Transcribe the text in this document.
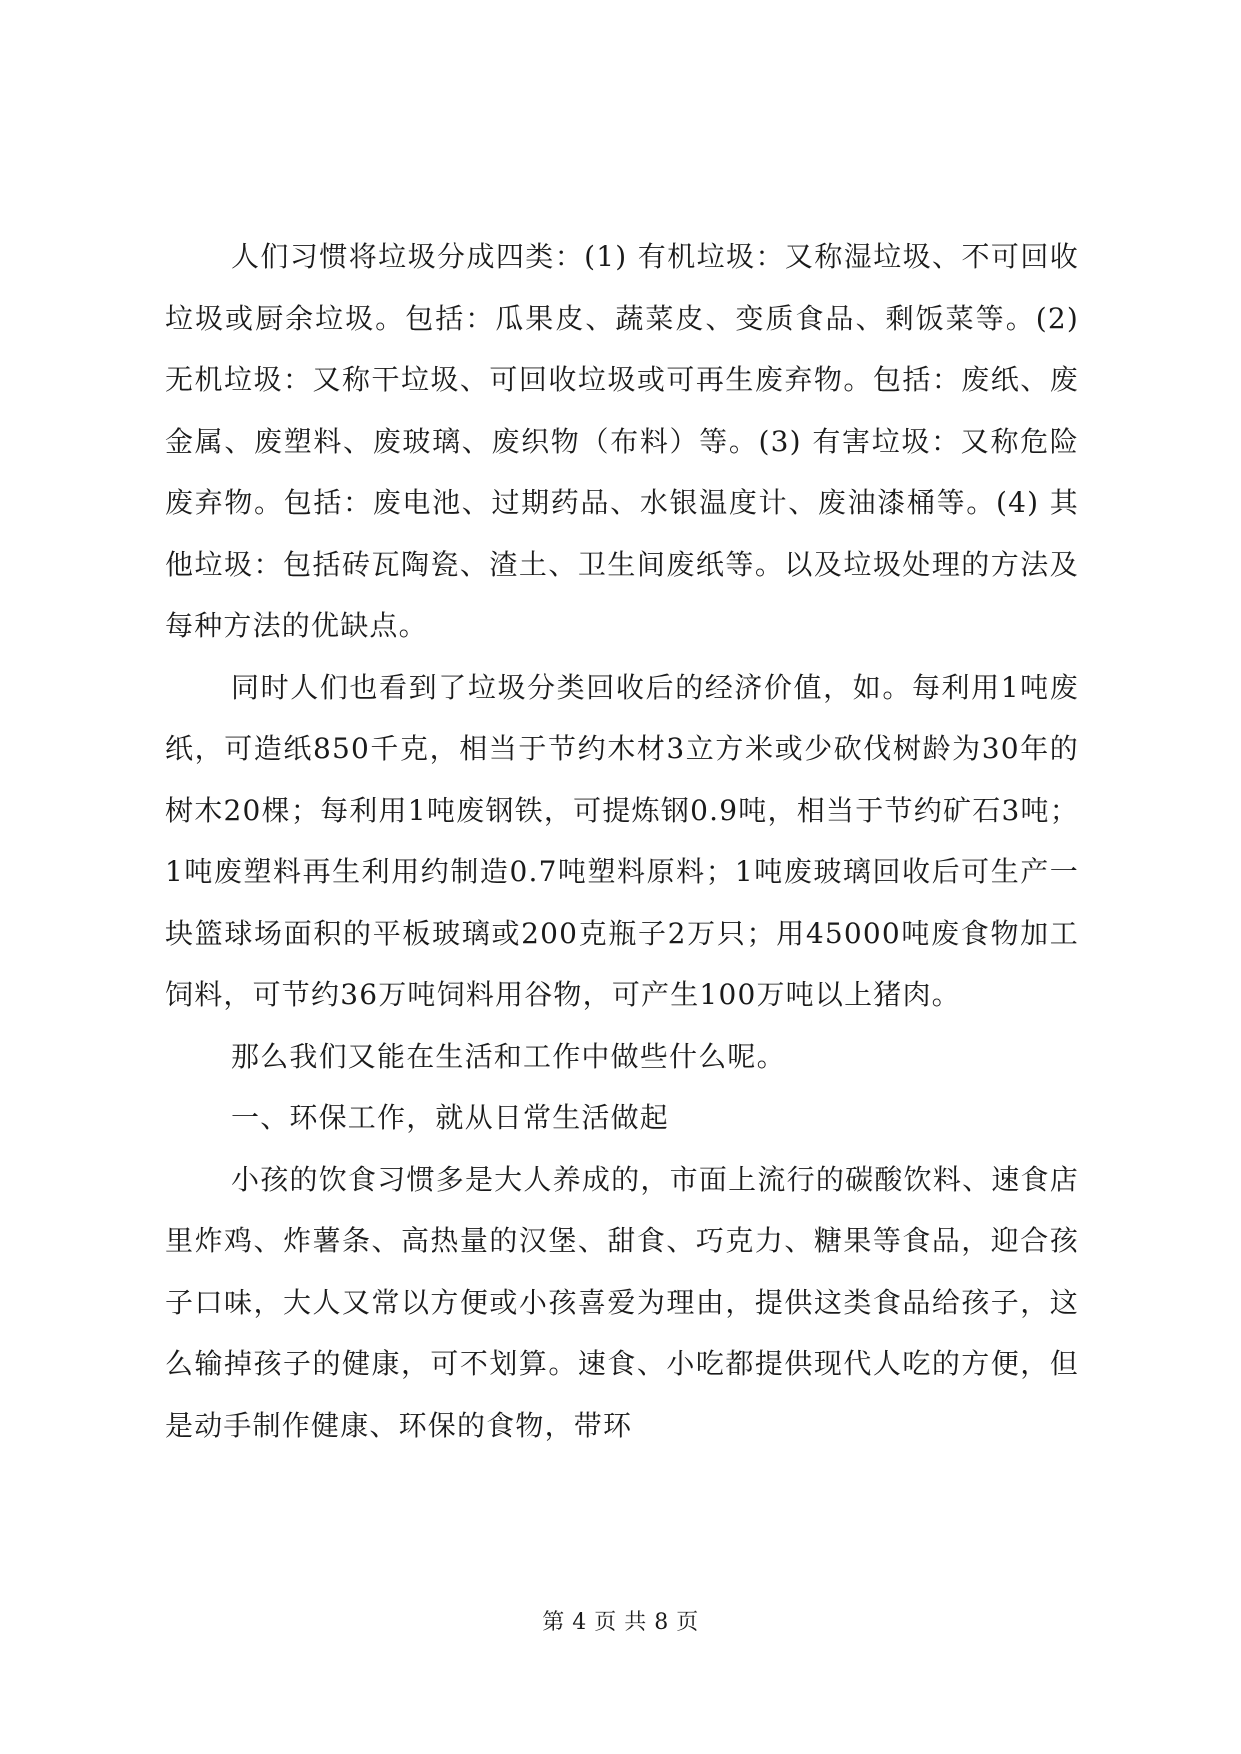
人们习惯将垃圾分成四类：(1) 有机垃圾：又称湿垃圾、不可回收垃圾或厨余垃圾。包括：瓜果皮、蔬菜皮、变质食品、剩饭菜等。(2) 无机垃圾：又称干垃圾、可回收垃圾或可再生废弃物。包括：废纸、废金属、废塑料、废玻璃、废织物（布料）等。(3) 有害垃圾：又称危险废弃物。包括：废电池、过期药品、水银温度计、废油漆桶等。(4) 其他垃圾：包括砖瓦陶瓷、渣土、卫生间废纸等。以及垃圾处理的方法及每种方法的优缺点。

同时人们也看到了垃圾分类回收后的经济价值，如。每利用1吨废纸，可造纸850千克，相当于节约木材3立方米或少砍伐树龄为30年的树木20棵；每利用1吨废钢铁，可提炼钢0.9吨，相当于节约矿石3吨；1吨废塑料再生利用约制造0.7吨塑料原料；1吨废玻璃回收后可生产一块篮球场面积的平板玻璃或200克瓶子2万只；用45000吨废食物加工饲料，可节约36万吨饲料用谷物，可产生100万吨以上猪肉。

那么我们又能在生活和工作中做些什么呢。

一、环保工作，就从日常生活做起

小孩的饮食习惯多是大人养成的，市面上流行的碳酸饮料、速食店里炸鸡、炸薯条、高热量的汉堡、甜食、巧克力、糖果等食品，迎合孩子口味，大人又常以方便或小孩喜爱为理由，提供这类食品给孩子，这么输掉孩子的健康，可不划算。速食、小吃都提供现代人吃的方便，但是动手制作健康、环保的食物，带环

第 4 页 共 8 页
